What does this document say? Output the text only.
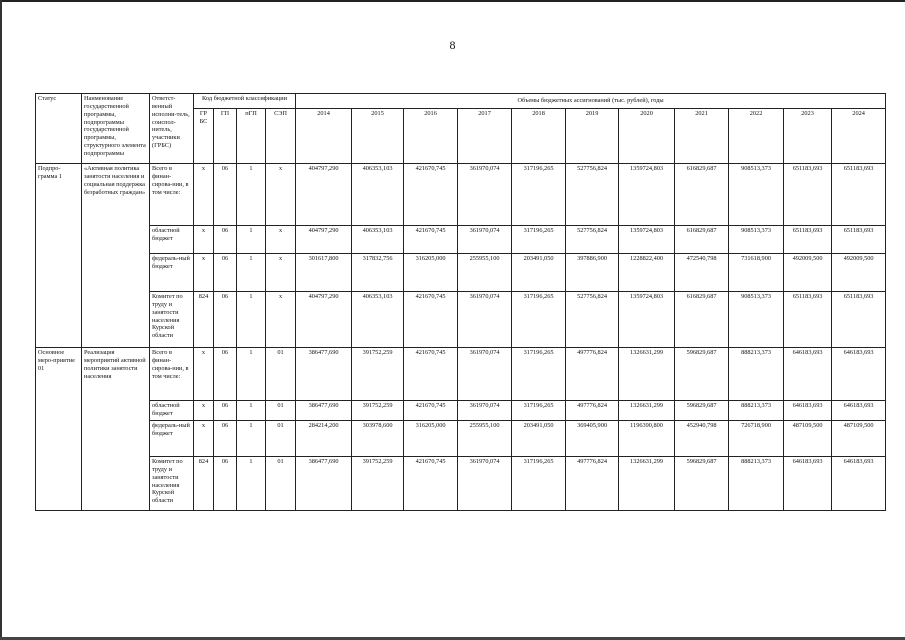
8
Статус	Наименование государственной программы, подпрограммы государственной программы, структурного элемента подпрограммы	Ответст-венный исполни-тель, соиспол-нитель, участники (ГРБС)	Код бюджетной классификации				Объемы бюджетных ассигнований (тыс. рублей), годы										
			ГР БС	ГП	пГП	СЭП	2014	2015	2016	2017	2018	2019	2020	2021	2022	2023	2024
Подпро-грамма 1	«Активная политика занятости населения и социальная поддержка безработных граждан»	Всего в финан-сирова-нии, в том числе:	х	06	1	х	404797,290	406353,103	421670,745	361970,074	317196,265	527756,824	1359724,803	616829,687	908513,373	651183,693	651183,693
		областной бюджет	х	06	1	х	404797,290	406353,103	421670,745	361970,074	317196,265	527756,824	1359724,803	616829,687	908513,373	651183,693	651183,693
		федераль-ный бюджет	х	06	1	х	301617,800	317832,756	316205,000	255955,100	203491,050	397886,900	1228822,400	472540,798	731618,900	492009,500	492009,500
		Комитет по труду и занятости населения Курской области	824	06	1	х	404797,290	406353,103	421670,745	361970,074	317196,265	527756,824	1359724,803	616829,687	908513,373	651183,693	651183,693
Основное меро-приятие 01	Реализация мероприятий активной политики занятости населения	Всего в финан-сирова-нии, в том числе:	х	06	1	01	386477,690	391752,259	421670,745	361970,074	317196,265	497776,824	1326631,299	596829,687	888213,373	646183,693	646183,693
		областной бюджет	х	06	1	01	386477,690	391752,259	421670,745	361970,074	317196,265	497776,824	1326631,299	596829,687	888213,373	646183,693	646183,693
		федераль-ный бюджет	х	06	1	01	284214,200	303978,600	316205,000	255955,100	203491,050	369405,900	1196390,800	452940,798	726718,900	487109,500	487109,500
		Комитет по труду и занятости населения Курской области	824	06	1	01	386477,690	391752,259	421670,745	361970,074	317196,265	497776,824	1326631,299	596829,687	888213,373	646183,693	646183,693
